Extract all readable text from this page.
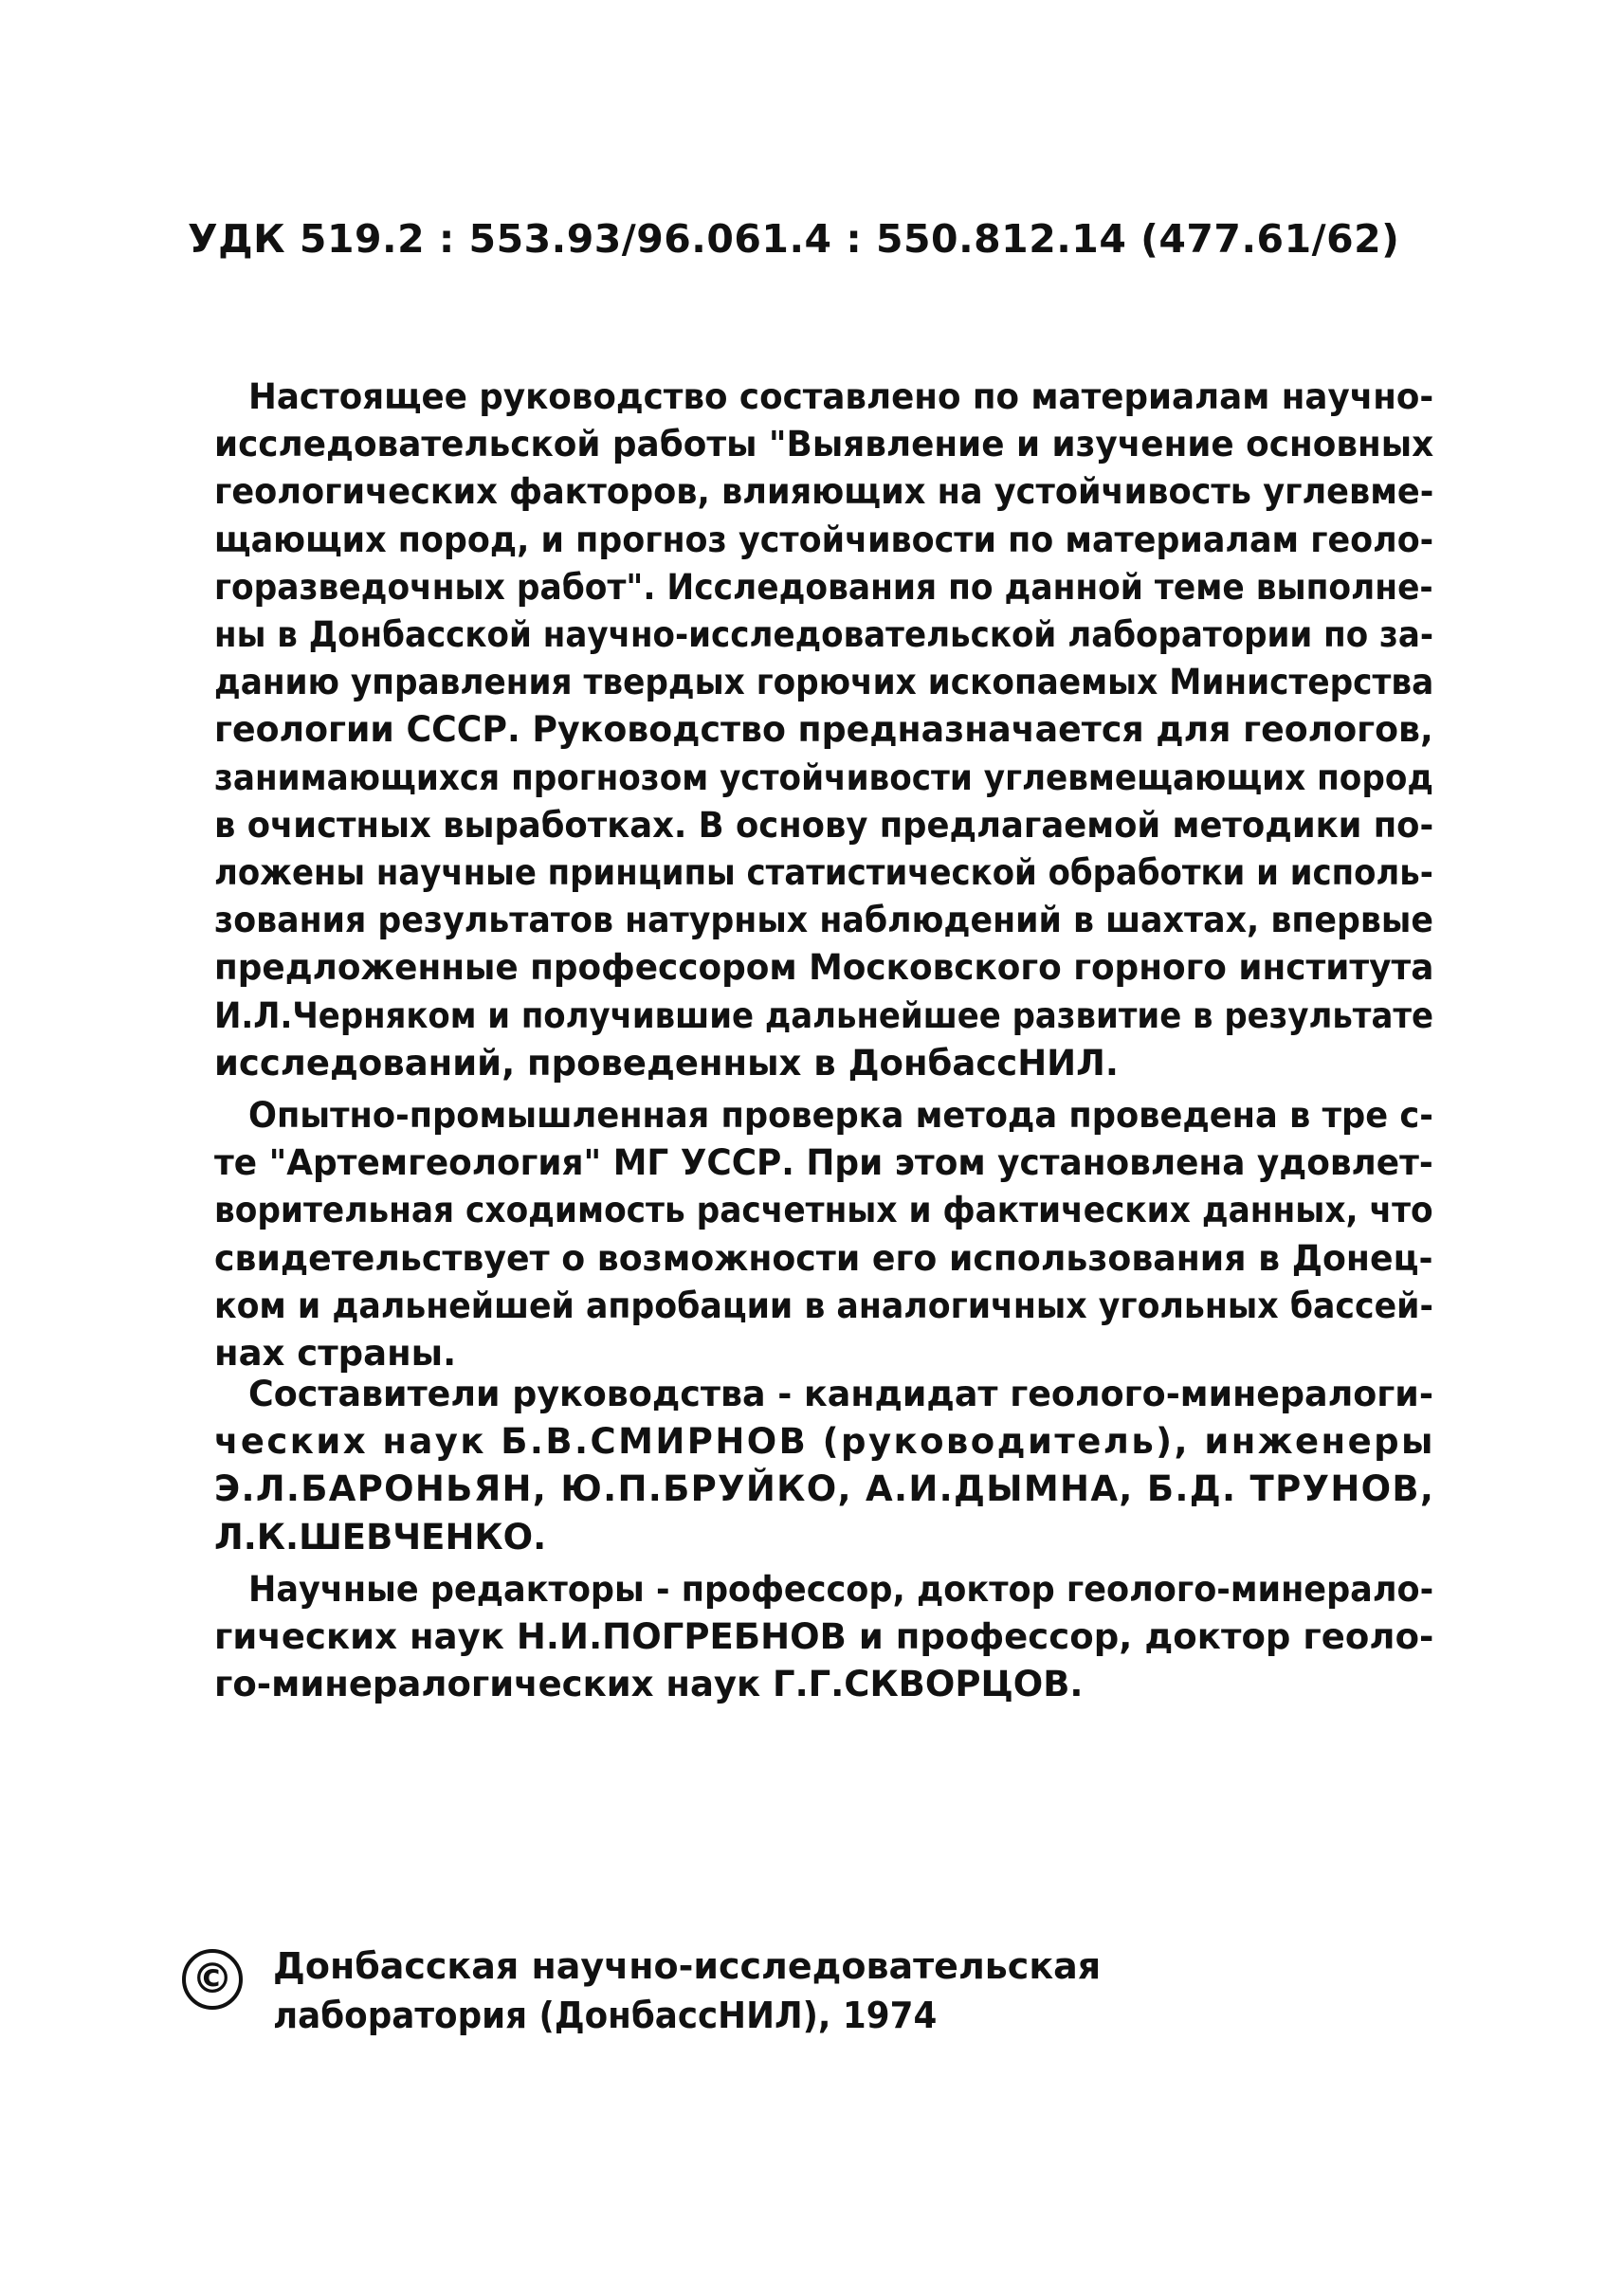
УДК 519.2 : 553.93/96.061.4 : 550.812.14 (477.61/62)
Настоящее руководство составлено по материалам научно-
исследовательской работы "Выявление и изучение основных
геологических факторов, влияющих на устойчивость углевме-
щающих пород, и прогноз устойчивости по материалам геоло-
горазведочных работ". Исследования по данной теме выполне-
ны в Донбасской научно-исследовательской лаборатории по за-
данию управления твердых горючих ископаемых Министерства
геологии СССР. Руководство предназначается для геологов,
занимающихся прогнозом устойчивости углевмещающих пород
в очистных выработках. В основу предлагаемой методики по-
ложены научные принципы статистической обработки и исполь-
зования результатов натурных наблюдений в шахтах, впервые
предложенные профессором Московского горного института
И.Л.Черняком и получившие дальнейшее развитие в результате
исследований, проведенных в ДонбассНИЛ.
Опытно-промышленная проверка метода проведена в тре с-
те "Артемгеология" МГ УССР. При этом установлена удовлет-
ворительная сходимость расчетных и фактических данных, что
свидетельствует о возможности его использования в Донец-
ком и дальнейшей апробации в аналогичных угольных бассей-
нах страны.
Составители руководства - кандидат геолого-минералоги-
ческих наук Б.В.СМИРНОВ (руководитель), инженеры
Э.Л.БАРОНЬЯН, Ю.П.БРУЙКО, А.И.ДЫМНА, Б.Д. ТРУНОВ,
Л.К.ШЕВЧЕНКО.
Научные редакторы - профессор, доктор геолого-минерало-
гических наук Н.И.ПОГРЕБНОВ и профессор, доктор геоло-
го-минералогических наук Г.Г.СКВОРЦОВ.
© Донбасская научно-исследовательская
лаборатория (ДонбассНИЛ), 1974
